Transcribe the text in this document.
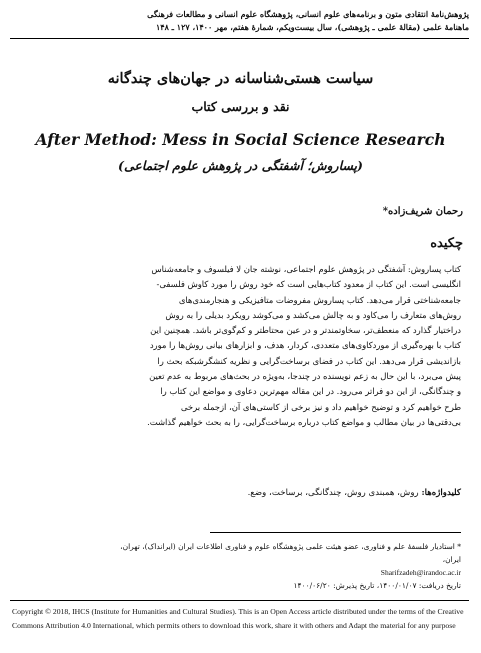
پژوهش‌نامهٔ انتقادی متون و برنامه‌های علوم انسانی، پژوهشگاه علوم انسانی و مطالعات فرهنگی
ماهنامهٔ علمی (مقالهٔ علمی ـ پژوهشی)، سال بیست‌ویکم، شمارهٔ هفتم، مهر ۱۴۰۰، ۱۲۷ ـ ۱۴۸
سیاست هستی‌شناسانه در جهان‌های چندگانه
نقد و بررسی کتاب
After Method: Mess in Social Science Research
(پساروش؛ آشفتگی در پژوهش علوم اجتماعی)
رحمان شریف‌زاده*
چکیده
کتاب پساروش: آشفتگی در پژوهش علوم اجتماعی، نوشته جان لا فیلسوف و جامعه‌شناس
انگلیسی است. این کتاب از معدود کتاب‌هایی است که خود روش را مورد کاوش فلسفی-
جامعه‌شناختی قرار می‌دهد. کتاب پساروش مفروضات متافیزیکی و هنجارمندی‌های
روش‌های متعارف را می‌کاود و به چالش می‌کشد و می‌کوشد رویکرد بدیلی را به روش
دراختیار گذارد که منعطف‌تر، سخاوتمندتر و در عین محتاطتر و کم‌گوی‌تر باشد. همچنین این
کتاب با بهره‌گیری از موردکاوی‌های متعددی، کردار، هدف، و ابزارهای بیانی روش‌ها را مورد
بازاندیشی قرار می‌دهد. این کتاب در فضای برساخت‌گرایی و نظریه کنشگر‌شبکه بحث را
پیش می‌برد، با این حال به زعم نویسنده در چندجا، به‌ویژه در بحث‌های مربوط به عدم تعین
و چندگانگی، از این دو فراتر می‌رود. در این مقاله مهم‌ترین دعاوی و مواضع این کتاب را
طرح خواهیم کرد و توضیح خواهیم داد و نیز برخی از کاستی‌های آن، ازجمله برخی
بی‌دقتی‌ها در بیان مطالب و مواضع کتاب درباره برساخت‌گرایی، را به بحث خواهیم گذاشت.
کلیدواژه‌ها: روش، همبندی روش، چندگانگی، برساخت، وضع.
* استادیار فلسفهٔ علم و فناوری، عضو هیئت علمی پژوهشگاه علوم و فناوری اطلاعات ایران (ایرانداک)، تهران،
ایران،
Sharifzadeh@irandoc.ac.ir
تاریخ دریافت: ۱۴۰۰/۰۱/۰۷، تاریخ پذیرش: ۱۴۰۰/۰۶/۲۰
Copyright © 2018, IHCS (Institute for Humanities and Cultural Studies). This is an Open Access article distributed under the terms of the Creative Commons Attribution 4.0 International, which permits others to download this work, share it with others and Adapt the material for any purpose
